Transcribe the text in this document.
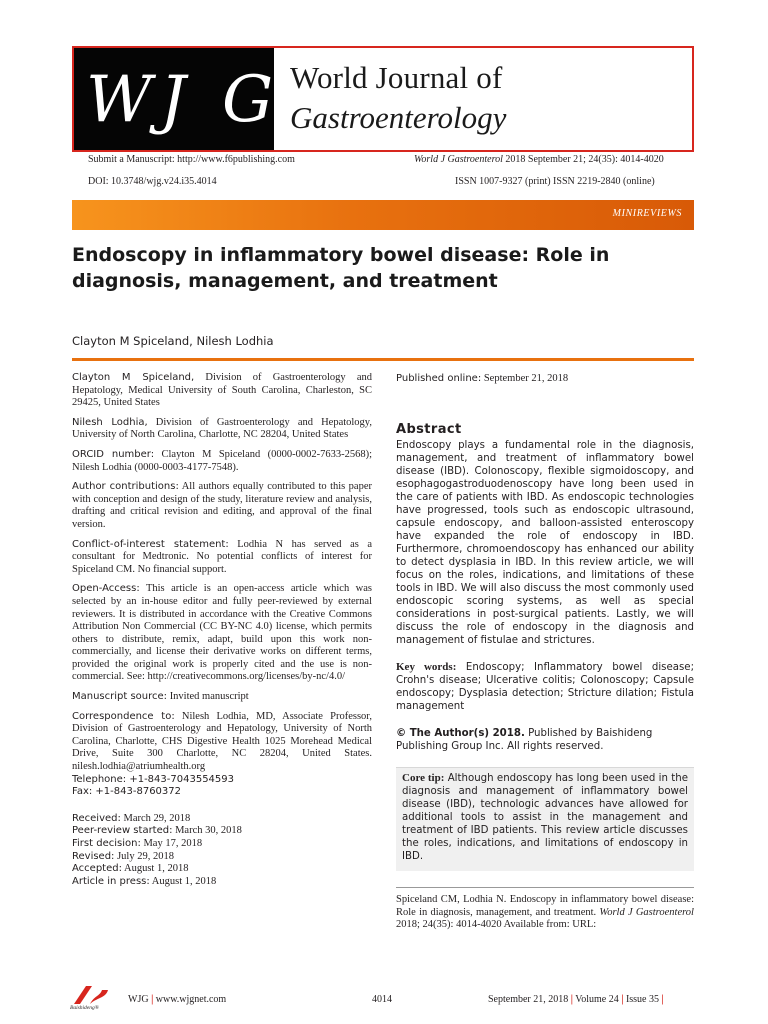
W J G World Journal of
Gastroenterology
Submit a Manuscript: http://www.f6publishing.com	World J Gastroenterol 2018 September 21; 24(35): 4014-4020
DOI: 10.3748/wjg.v24.i35.4014	ISSN 1007-9327 (print) ISSN 2219-2840 (online)
MINIREVIEWS
Endoscopy in inflammatory bowel disease: Role in diagnosis, management, and treatment
Clayton M Spiceland, Nilesh Lodhia

Clayton M Spiceland, Division of Gastroenterology and Hepatology, Medical University of South Carolina, Charleston, SC 29425, United States

Nilesh Lodhia, Division of Gastroenterology and Hepatology, University of North Carolina, Charlotte, NC 28204, United States

ORCID number: Clayton M Spiceland (0000-0002-7633-2568); Nilesh Lodhia (0000-0003-4177-7548).

Author contributions: All authors equally contributed to this paper with conception and design of the study, literature review and analysis, drafting and critical revision and editing, and approval of the final version.

Conflict-of-interest statement: Lodhia N has served as a consultant for Medtronic. No potential conflicts of interest for Spiceland CM. No financial support.

Open-Access: This article is an open-access article which was selected by an in-house editor and fully peer-reviewed by external reviewers. It is distributed in accordance with the Creative Commons Attribution Non Commercial (CC BY-NC 4.0) license, which permits others to distribute, remix, adapt, build upon this work non-commercially, and license their derivative works on different terms, provided the original work is properly cited and the use is non-commercial. See: http://creativecommons.org/licenses/by-nc/4.0/

Manuscript source: Invited manuscript

Correspondence to: Nilesh Lodhia, MD, Associate Professor, Division of Gastroenterology and Hepatology, University of North Carolina, Charlotte, CHS Digestive Health 1025 Morehead Medical Drive, Suite 300 Charlotte, NC 28204, United States. nilesh.lodhia@atriumhealth.org

Telephone: +1-843-7043554593
Fax: +1-843-8760372
Received: March 29, 2018
Peer-review started: March 30, 2018
First decision: May 17, 2018
Revised: July 29, 2018
Accepted: August 1, 2018
Article in press: August 1, 2018
Published online: September 21, 2018
Abstract

Endoscopy plays a fundamental role in the diagnosis, management, and treatment of inflammatory bowel disease (IBD). Colonoscopy, flexible sigmoidoscopy, and esophagogastroduodenoscopy have long been used in the care of patients with IBD. As endoscopic technologies have progressed, tools such as endoscopic ultrasound, capsule endoscopy, and balloon-assisted enteroscopy have expanded the role of endoscopy in IBD. Furthermore, chromoendoscopy has enhanced our ability to detect dysplasia in IBD. In this review article, we will focus on the roles, indications, and limitations of these tools in IBD. We will also discuss the most commonly used endoscopic scoring systems, as well as special considerations in post-surgical patients. Lastly, we will discuss the role of endoscopy in the diagnosis and management of fistulae and strictures.

Key words: Endoscopy; Inflammatory bowel disease; Crohn's disease; Ulcerative colitis; Colonoscopy; Capsule endoscopy; Dysplasia detection; Stricture dilation; Fistula management

© The Author(s) 2018. Published by Baishideng Publishing Group Inc. All rights reserved.

Core tip: Although endoscopy has long been used in the diagnosis and management of inflammatory bowel disease (IBD), technologic advances have allowed for additional tools to assist in the management and treatment of IBD patients. This review article discusses the roles, indications, and limitations of endoscopy in IBD.
Spiceland CM, Lodhia N. Endoscopy in inflammatory bowel disease: Role in diagnosis, management, and treatment. World J Gastroenterol 2018; 24(35): 4014-4020 Available from: URL:
Baishideng®
WJG | www.wjgnet.com	4014	September 21, 2018 | Volume 24 | Issue 35 |
